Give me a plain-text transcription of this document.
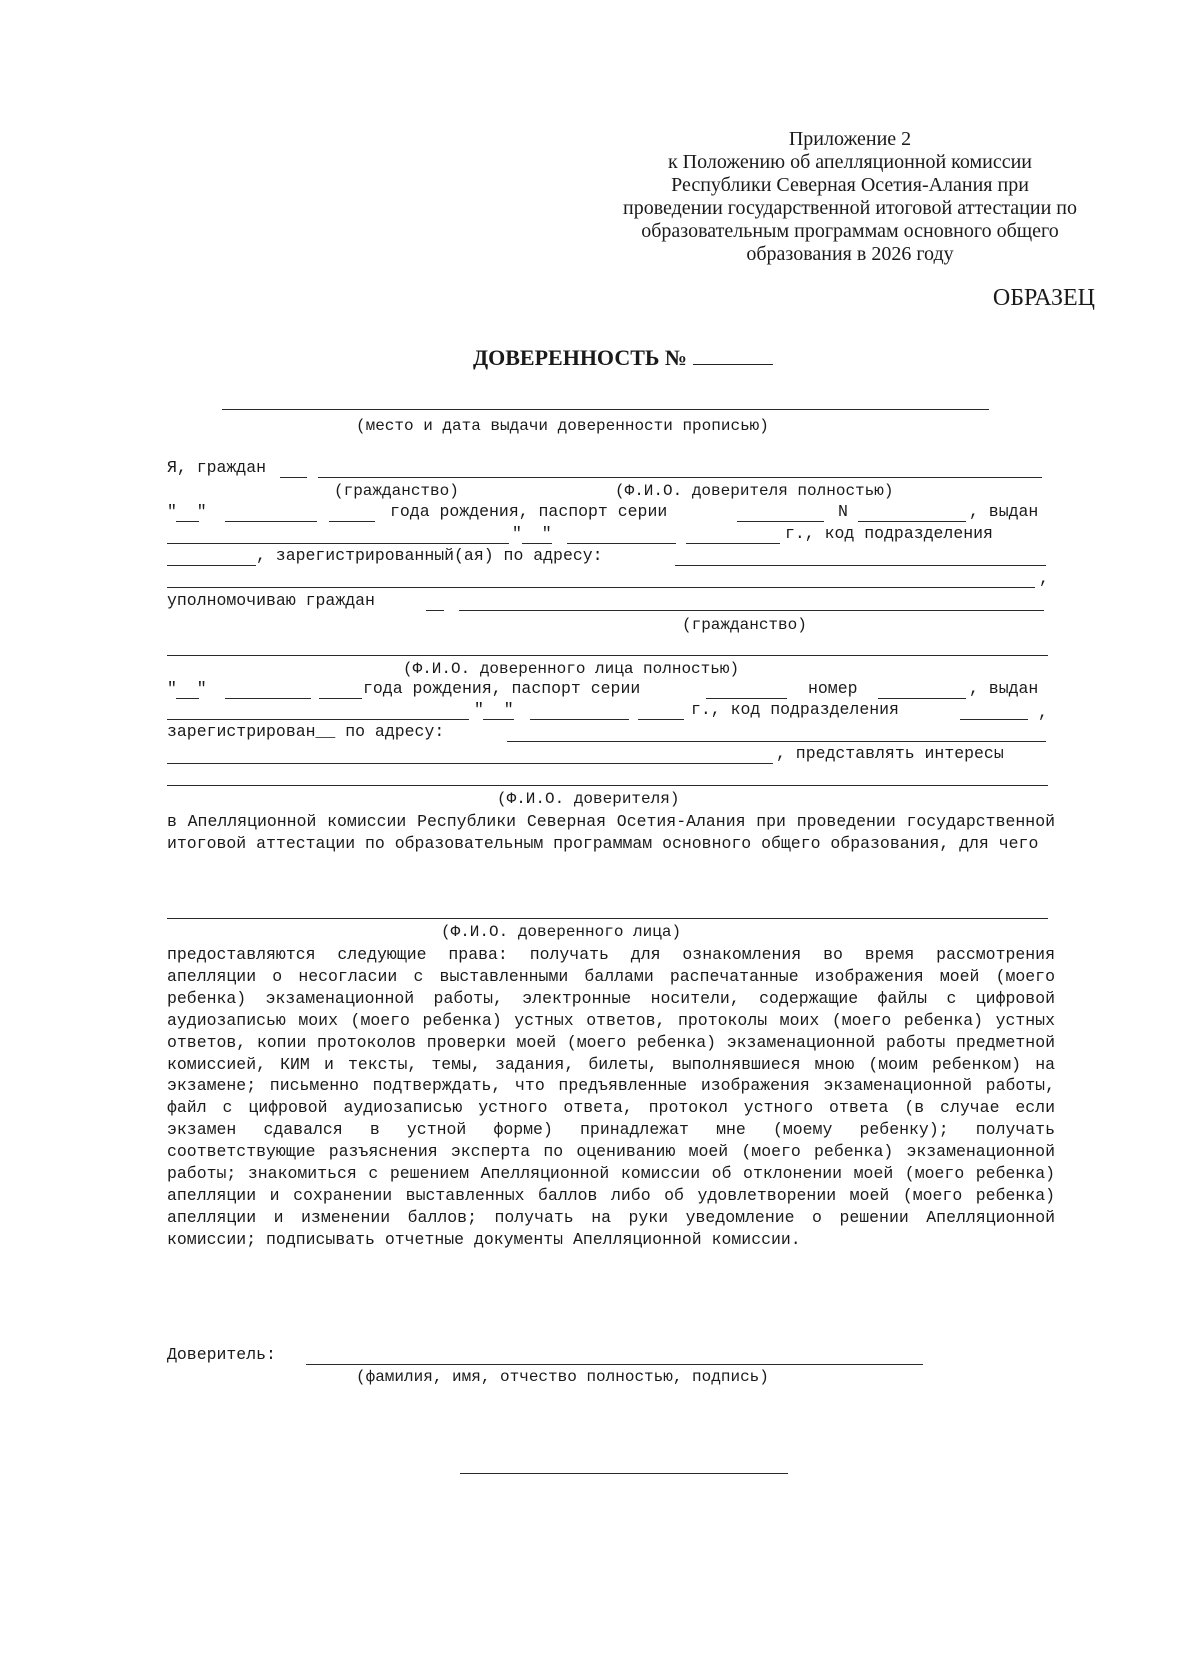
Приложение 2
к Положению об апелляционной комиссии
Республики Северная Осетия-Алания при
проведении государственной итоговой аттестации по
образовательным программам основного общего
образования в 2026 году
ОБРАЗЕЦ
ДОВЕРЕННОСТЬ №
(место и дата выдачи доверенности прописью)
Я, граждан
(гражданство)	(Ф.И.О. доверителя полностью)
"  "	года рождения, паспорт серии	N	, выдан
"  "	г., код подразделения
, зарегистрированный(ая) по адресу:
,
уполномочиваю граждан
(гражданство)
(Ф.И.О. доверенного лица полностью)
"  "	года рождения, паспорт серии	номер	, выдан
"  "	г., код подразделения	,
зарегистрирован__ по адресу:
, представлять интересы
(Ф.И.О. доверителя)
в Апелляционной комиссии Республики Северная Осетия-Алания при проведении государственной итоговой аттестации по образовательным программам основного общего образования, для чего
(Ф.И.О. доверенного лица)
предоставляются следующие права: получать для ознакомления во время рассмотрения апелляции о несогласии с выставленными баллами распечатанные изображения моей (моего ребенка) экзаменационной работы, электронные носители, содержащие файлы с цифровой аудиозаписью моих (моего ребенка) устных ответов, протоколы моих (моего ребенка) устных ответов, копии протоколов проверки моей (моего ребенка) экзаменационной работы предметной комиссией, КИМ и тексты, темы, задания, билеты, выполнявшиеся мною (моим ребенком) на экзамене; письменно подтверждать, что предъявленные изображения экзаменационной работы, файл с цифровой аудиозаписью устного ответа, протокол устного ответа (в случае если экзамен сдавался в устной форме) принадлежат мне (моему ребенку); получать соответствующие разъяснения эксперта по оцениванию моей (моего ребенка) экзаменационной работы; знакомиться с решением Апелляционной комиссии об отклонении моей (моего ребенка) апелляции и сохранении выставленных баллов либо об удовлетворении моей (моего ребенка) апелляции и изменении баллов; получать на руки уведомление о решении Апелляционной комиссии; подписывать отчетные документы Апелляционной комиссии.
Доверитель:
(фамилия, имя, отчество полностью, подпись)
